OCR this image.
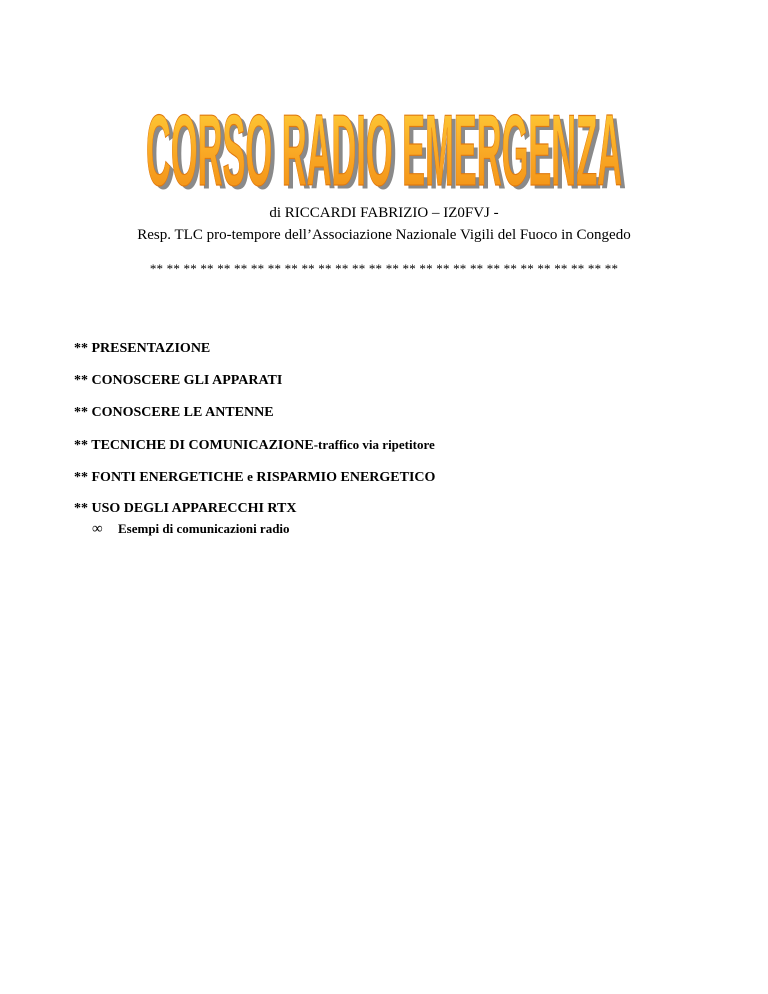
CORSO RADIO EMERGENZA
CORSO RADIO EMERGENZA
di RICCARDI FABRIZIO – IZ0FVJ -
Resp. TLC pro-tempore dell’Associazione Nazionale Vigili del Fuoco in Congedo
** ** ** ** ** ** ** ** ** ** ** ** ** ** ** ** ** ** ** ** ** ** ** ** ** ** ** **
** PRESENTAZIONE
** CONOSCERE GLI APPARATI
** CONOSCERE LE ANTENNE
** TECNICHE DI COMUNICAZIONE-traffico via ripetitore
** FONTI ENERGETICHE e RISPARMIO ENERGETICO
** USO DEGLI APPARECCHI RTX
∞ Esempi di comunicazioni radio
